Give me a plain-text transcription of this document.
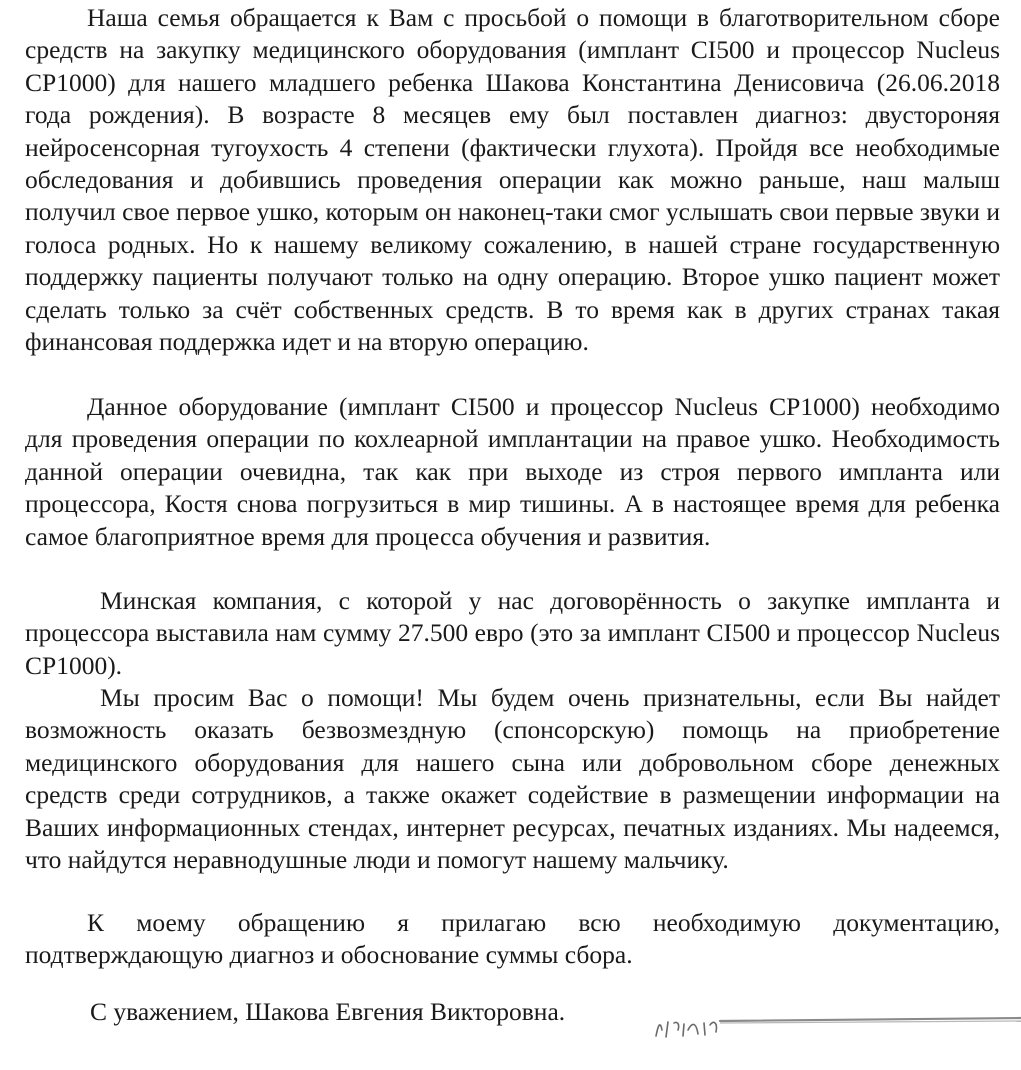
Наша семья обращается к Вам с просьбой о помощи в благотворительном сборе средств на закупку медицинского оборудования (имплант CI500 и процессор Nucleus CP1000) для нашего младшего ребенка Шакова Константина Денисовича (26.06.2018 года рождения). В возрасте 8 месяцев ему был поставлен диагноз: двустороняя нейросенсорная тугоухость 4 степени (фактически глухота). Пройдя все необходимые обследования и добившись проведения операции как можно раньше, наш малыш получил свое первое ушко, которым он наконец-таки смог услышать свои первые звуки и голоса родных. Но к нашему великому сожалению, в нашей стране государственную поддержку пациенты получают только на одну операцию. Второе ушко пациент может сделать только за счёт собственных средств. В то время как в других странах такая финансовая поддержка идет и на вторую операцию.

Данное оборудование (имплант CI500 и процессор Nucleus CP1000) необходимо для проведения операции по кохлеарной имплантации на правое ушко. Необходимость данной операции очевидна, так как при выходе из строя первого импланта или процессора, Костя снова погрузиться в мир тишины. А в настоящее время для ребенка самое благоприятное время для процесса обучения и развития.

Минская компания, с которой у нас договорённость о закупке импланта и процессора выставила нам сумму 27.500 евро (это за имплант CI500 и процессор Nucleus CP1000).

Мы просим Вас о помощи! Мы будем очень признательны, если Вы найдет возможность оказать безвозмездную (спонсорскую) помощь на приобретение медицинского оборудования для нашего сына или добровольном сборе денежных средств среди сотрудников, а также окажет содействие в размещении информации на Ваших информационных стендах, интернет ресурсах, печатных изданиях. Мы надеемся, что найдутся неравнодушные люди и помогут нашему мальчику.

К моему обращению я прилагаю всю необходимую документацию, подтверждающую диагноз и обоснование суммы сбора.

С уважением, Шакова Евгения Викторовна.
